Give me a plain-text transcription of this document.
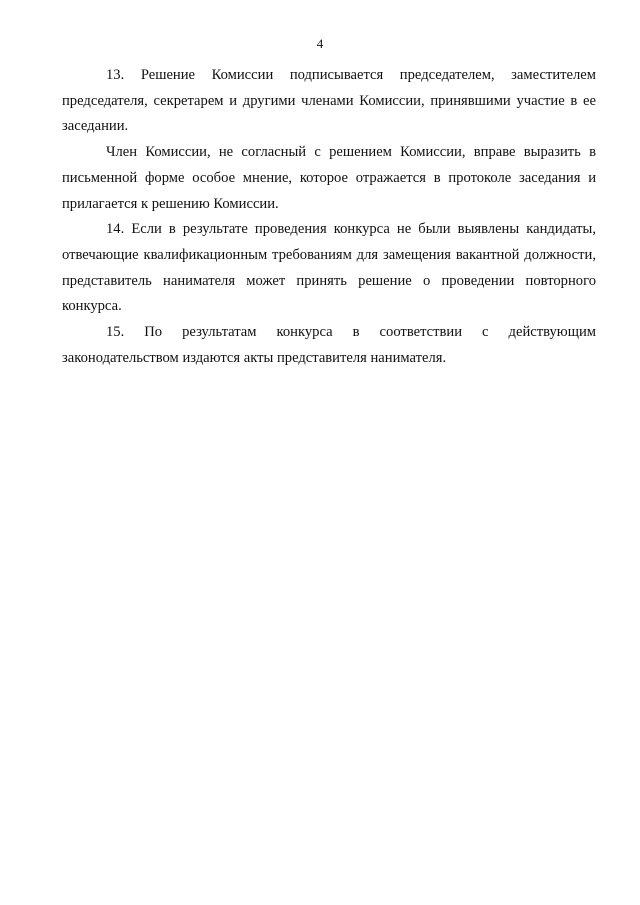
4

13. Решение Комиссии подписывается председателем, заместителем председателя, секретарем и другими членами Комиссии, принявшими участие в ее заседании.

Член Комиссии, не согласный с решением Комиссии, вправе выразить в письменной форме особое мнение, которое отражается в протоколе заседания и прилагается к решению Комиссии.

14. Если в результате проведения конкурса не были выявлены кандидаты, отвечающие квалификационным требованиям для замещения вакантной должности, представитель нанимателя может принять решение о проведении повторного конкурса.

15. По результатам конкурса в соответствии с действующим законодательством издаются акты представителя нанимателя.
